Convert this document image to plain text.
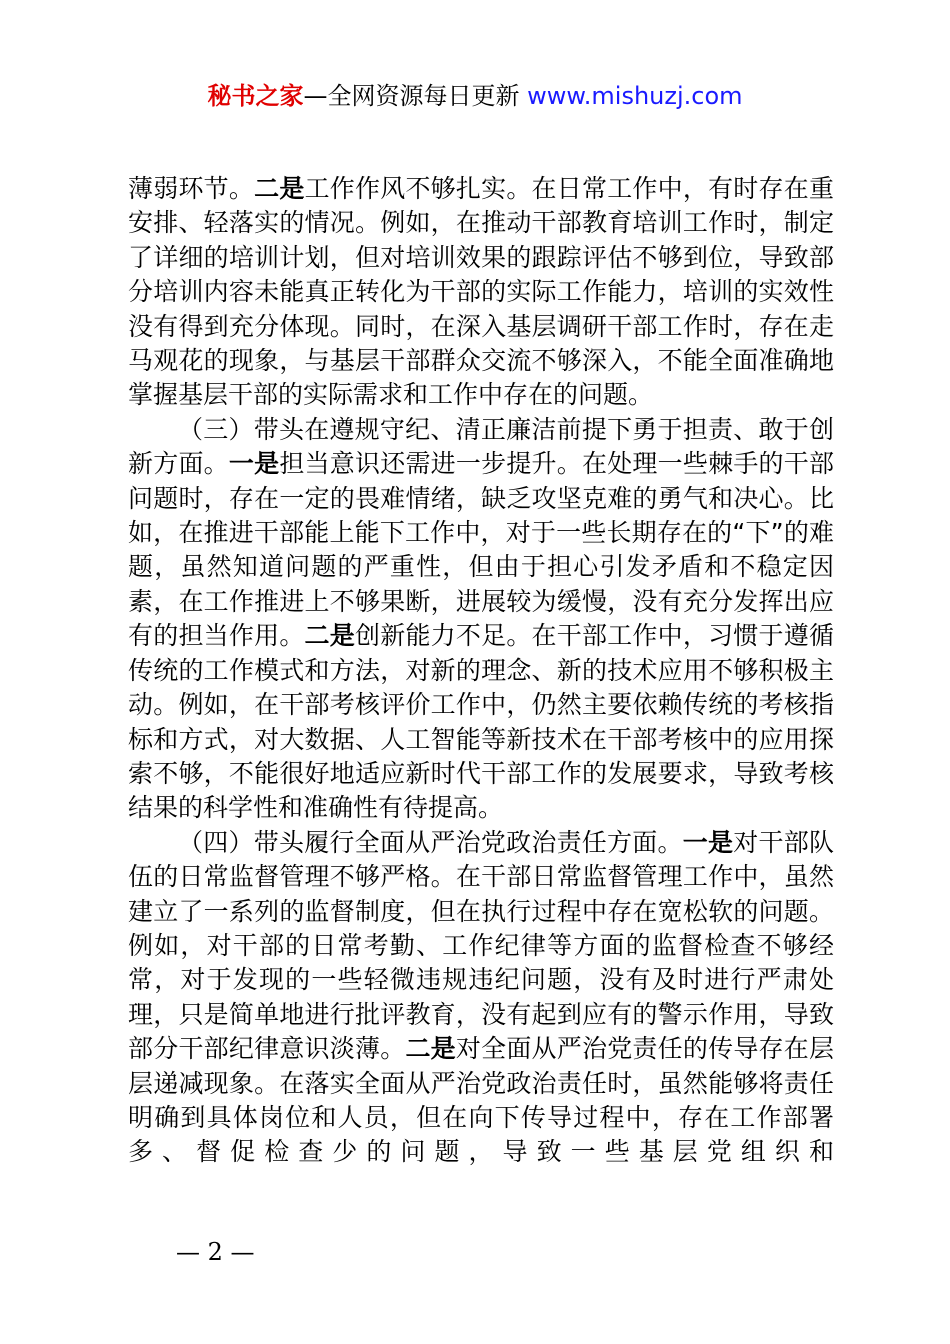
秘书之家—全网资源每日更新 www.mishuzj.com

薄弱环节。二是工作作风不够扎实。在日常工作中，有时存在重安排、轻落实的情况。例如，在推动干部教育培训工作时，制定了详细的培训计划，但对培训效果的跟踪评估不够到位，导致部分培训内容未能真正转化为干部的实际工作能力，培训的实效性没有得到充分体现。同时，在深入基层调研干部工作时，存在走马观花的现象，与基层干部群众交流不够深入，不能全面准确地掌握基层干部的实际需求和工作中存在的问题。

（三）带头在遵规守纪、清正廉洁前提下勇于担责、敢于创新方面。一是担当意识还需进一步提升。在处理一些棘手的干部问题时，存在一定的畏难情绪，缺乏攻坚克难的勇气和决心。比如，在推进干部能上能下工作中，对于一些长期存在的“下”的难题，虽然知道问题的严重性，但由于担心引发矛盾和不稳定因素，在工作推进上不够果断，进展较为缓慢，没有充分发挥出应有的担当作用。二是创新能力不足。在干部工作中，习惯于遵循传统的工作模式和方法，对新的理念、新的技术应用不够积极主动。例如，在干部考核评价工作中，仍然主要依赖传统的考核指标和方式，对大数据、人工智能等新技术在干部考核中的应用探索不够，不能很好地适应新时代干部工作的发展要求，导致考核结果的科学性和准确性有待提高。

（四）带头履行全面从严治党政治责任方面。一是对干部队伍的日常监督管理不够严格。在干部日常监督管理工作中，虽然建立了一系列的监督制度，但在执行过程中存在宽松软的问题。例如，对干部的日常考勤、工作纪律等方面的监督检查不够经常，对于发现的一些轻微违规违纪问题，没有及时进行严肃处理，只是简单地进行批评教育，没有起到应有的警示作用，导致部分干部纪律意识淡薄。二是对全面从严治党责任的传导存在层层递减现象。在落实全面从严治党政治责任时，虽然能够将责任明确到具体岗位和人员，但在向下传导过程中，存在工作部署多、督促检查少的问题，导致一些基层党组织和

— 2 —
